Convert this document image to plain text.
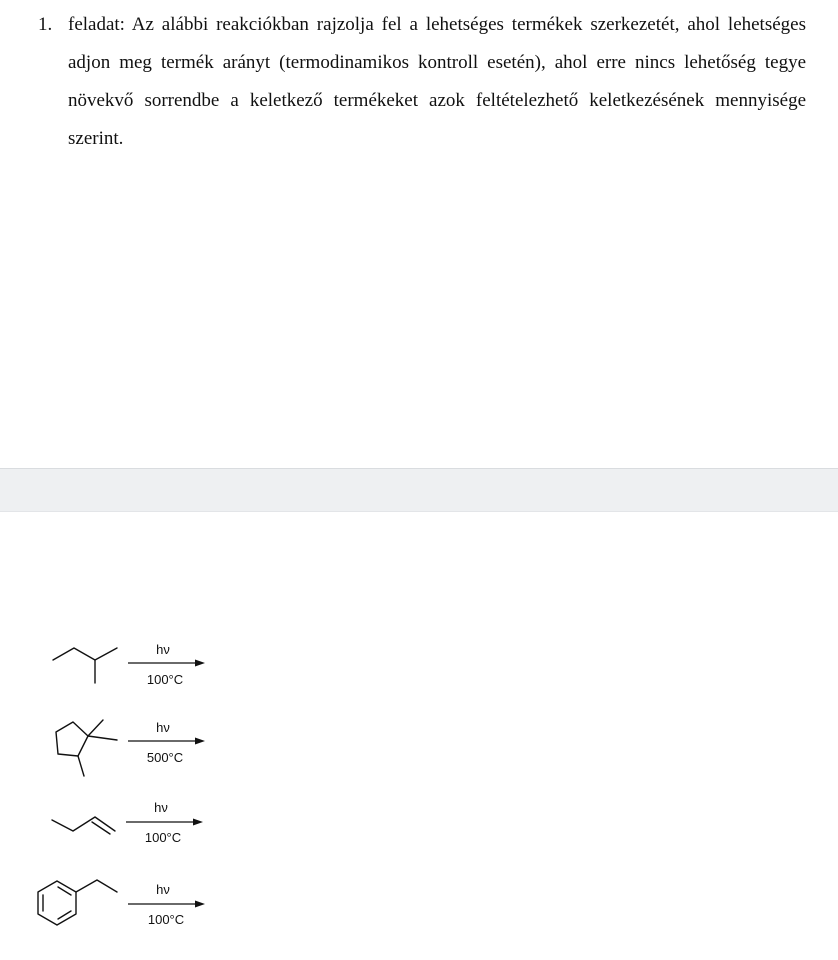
1. feladat: Az alábbi reakciókban rajzolja fel a lehetséges termékek szerkezetét, ahol lehetséges adjon meg termék arányt (termodinamikos kontroll esetén), ahol erre nincs lehetőség tegye növekvő sorrendbe a keletkező termékeket azok feltételezhető keletkezésének mennyisége szerint.
hν
100°C
hν
500°C
hν
100°C
hν
100°C
